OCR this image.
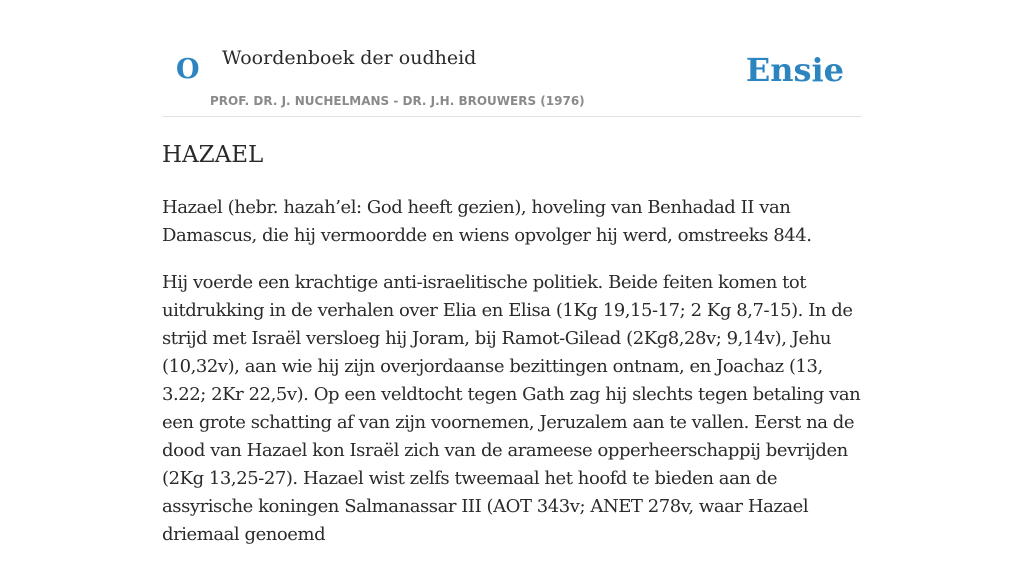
O Woordenboek der oudheid
PROF. DR. J. NUCHELMANS - DR. J.H. BROUWERS (1976)
Ensie
HAZAEL

Hazael (hebr. hazah’el: God heeft gezien), hoveling van Benhadad II van Damascus, die hij vermoordde en wiens opvolger hij werd, omstreeks 844.

Hij voerde een krachtige anti-israelitische politiek. Beide feiten komen tot uitdrukking in de verhalen over Elia en Elisa (1Kg 19,15-17; 2 Kg 8,7-15). In de strijd met Israël versloeg hij Joram, bij Ramot-Gilead (2Kg8,28v; 9,14v), Jehu (10,32v), aan wie hij zijn overjordaanse bezittingen ontnam, en Joachaz (13, 3.22; 2Kr 22,5v). Op een veldtocht tegen Gath zag hij slechts tegen betaling van een grote schatting af van zijn voornemen, Jeruzalem aan te vallen. Eerst na de dood van Hazael kon Israël zich van de arameese opperheerschappij bevrijden (2Kg 13,25-27). Hazael wist zelfs tweemaal het hoofd te bieden aan de assyrische koningen Salmanassar III (AOT 343v; ANET 278v, waar Hazael driemaal genoemd
